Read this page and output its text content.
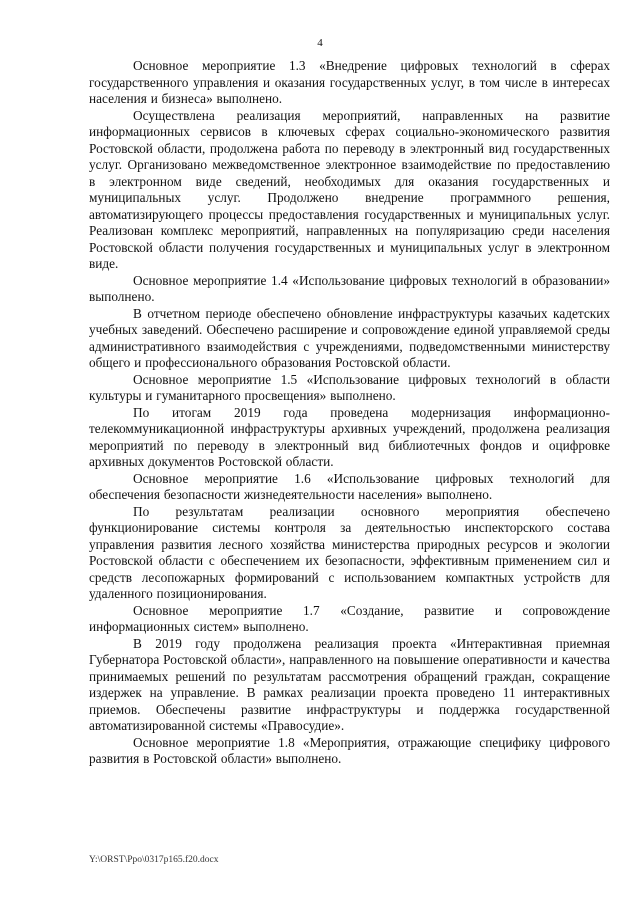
4

Основное мероприятие 1.3 «Внедрение цифровых технологий в сферах государственного управления и оказания государственных услуг, в том числе в интересах населения и бизнеса» выполнено.

Осуществлена реализация мероприятий, направленных на развитие информационных сервисов в ключевых сферах социально-экономического развития Ростовской области, продолжена работа по переводу в электронный вид государственных услуг. Организовано межведомственное электронное взаимодействие по предоставлению в электронном виде сведений, необходимых для оказания государственных и муниципальных услуг. Продолжено внедрение программного решения, автоматизирующего процессы предоставления государственных и муниципальных услуг. Реализован комплекс мероприятий, направленных на популяризацию среди населения Ростовской области получения государственных и муниципальных услуг в электронном виде.

Основное мероприятие 1.4 «Использование цифровых технологий в образовании» выполнено.

В отчетном периоде обеспечено обновление инфраструктуры казачьих кадетских учебных заведений. Обеспечено расширение и сопровождение единой управляемой среды административного взаимодействия с учреждениями, подведомственными министерству общего и профессионального образования Ростовской области.

Основное мероприятие 1.5 «Использование цифровых технологий в области культуры и гуманитарного просвещения» выполнено.

По итогам 2019 года проведена модернизация информационно-телекоммуникационной инфраструктуры архивных учреждений, продолжена реализация мероприятий по переводу в электронный вид библиотечных фондов и оцифровке архивных документов Ростовской области.

Основное мероприятие 1.6 «Использование цифровых технологий для обеспечения безопасности жизнедеятельности населения» выполнено.

По результатам реализации основного мероприятия обеспечено функционирование системы контроля за деятельностью инспекторского состава управления развития лесного хозяйства министерства природных ресурсов и экологии Ростовской области с обеспечением их безопасности, эффективным применением сил и средств лесопожарных формирований с использованием компактных устройств для удаленного позиционирования.

Основное мероприятие 1.7 «Создание, развитие и сопровождение информационных систем» выполнено.

В 2019 году продолжена реализация проекта «Интерактивная приемная Губернатора Ростовской области», направленного на повышение оперативности и качества принимаемых решений по результатам рассмотрения обращений граждан, сокращение издержек на управление. В рамках реализации проекта проведено 11 интерактивных приемов. Обеспечены развитие инфраструктуры и поддержка государственной автоматизированной системы «Правосудие».

Основное мероприятие 1.8 «Мероприятия, отражающие специфику цифрового развития в Ростовской области» выполнено.

Y:\ORST\Ppo\0317p165.f20.docx
